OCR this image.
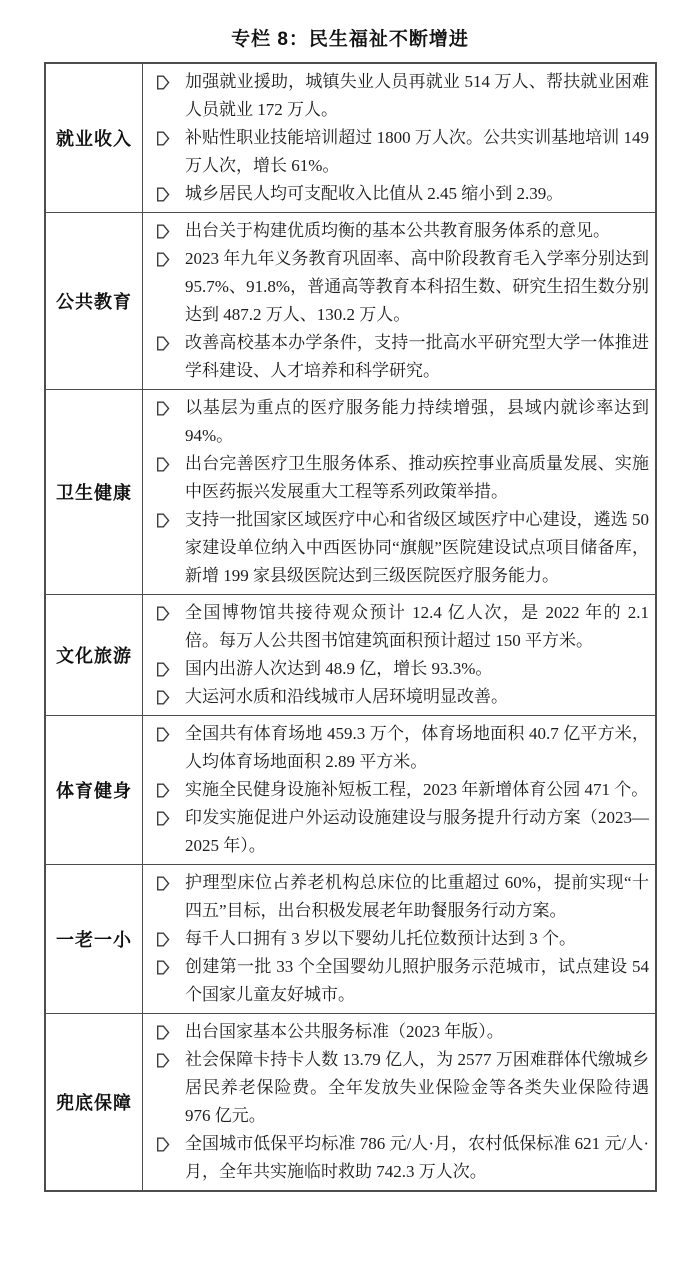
专栏 8：民生福祉不断增进
就业收入	加强就业援助，城镇失业人员再就业 514 万人、帮扶就业困难人员就业 172 万人。
补贴性职业技能培训超过 1800 万人次。公共实训基地培训 149 万人次，增长 61%。
城乡居民人均可支配收入比值从 2.45 缩小到 2.39。

公共教育	出台关于构建优质均衡的基本公共教育服务体系的意见。
2023 年九年义务教育巩固率、高中阶段教育毛入学率分别达到 95.7%、91.8%，普通高等教育本科招生数、研究生招生数分别达到 487.2 万人、130.2 万人。
改善高校基本办学条件，支持一批高水平研究型大学一体推进学科建设、人才培养和科学研究。

卫生健康	以基层为重点的医疗服务能力持续增强，县域内就诊率达到 94%。
出台完善医疗卫生服务体系、推动疾控事业高质量发展、实施中医药振兴发展重大工程等系列政策举措。
支持一批国家区域医疗中心和省级区域医疗中心建设，遴选 50 家建设单位纳入中西医协同“旗舰”医院建设试点项目储备库，新增 199 家县级医院达到三级医院医疗服务能力。

文化旅游	全国博物馆共接待观众预计 12.4 亿人次，是 2022 年的 2.1 倍。每万人公共图书馆建筑面积预计超过 150 平方米。
国内出游人次达到 48.9 亿，增长 93.3%。
大运河水质和沿线城市人居环境明显改善。

体育健身	全国共有体育场地 459.3 万个，体育场地面积 40.7 亿平方米，人均体育场地面积 2.89 平方米。
实施全民健身设施补短板工程，2023 年新增体育公园 471 个。
印发实施促进户外运动设施建设与服务提升行动方案（2023—2025 年）。

一老一小	护理型床位占养老机构总床位的比重超过 60%，提前实现“十四五”目标，出台积极发展老年助餐服务行动方案。
每千人口拥有 3 岁以下婴幼儿托位数预计达到 3 个。
创建第一批 33 个全国婴幼儿照护服务示范城市，试点建设 54 个国家儿童友好城市。

兜底保障	出台国家基本公共服务标准（2023 年版）。
社会保障卡持卡人数 13.79 亿人，为 2577 万困难群体代缴城乡居民养老保险费。全年发放失业保险金等各类失业保险待遇 976 亿元。
全国城市低保平均标准 786 元/人·月，农村低保标准 621 元/人·月，全年共实施临时救助 742.3 万人次。
